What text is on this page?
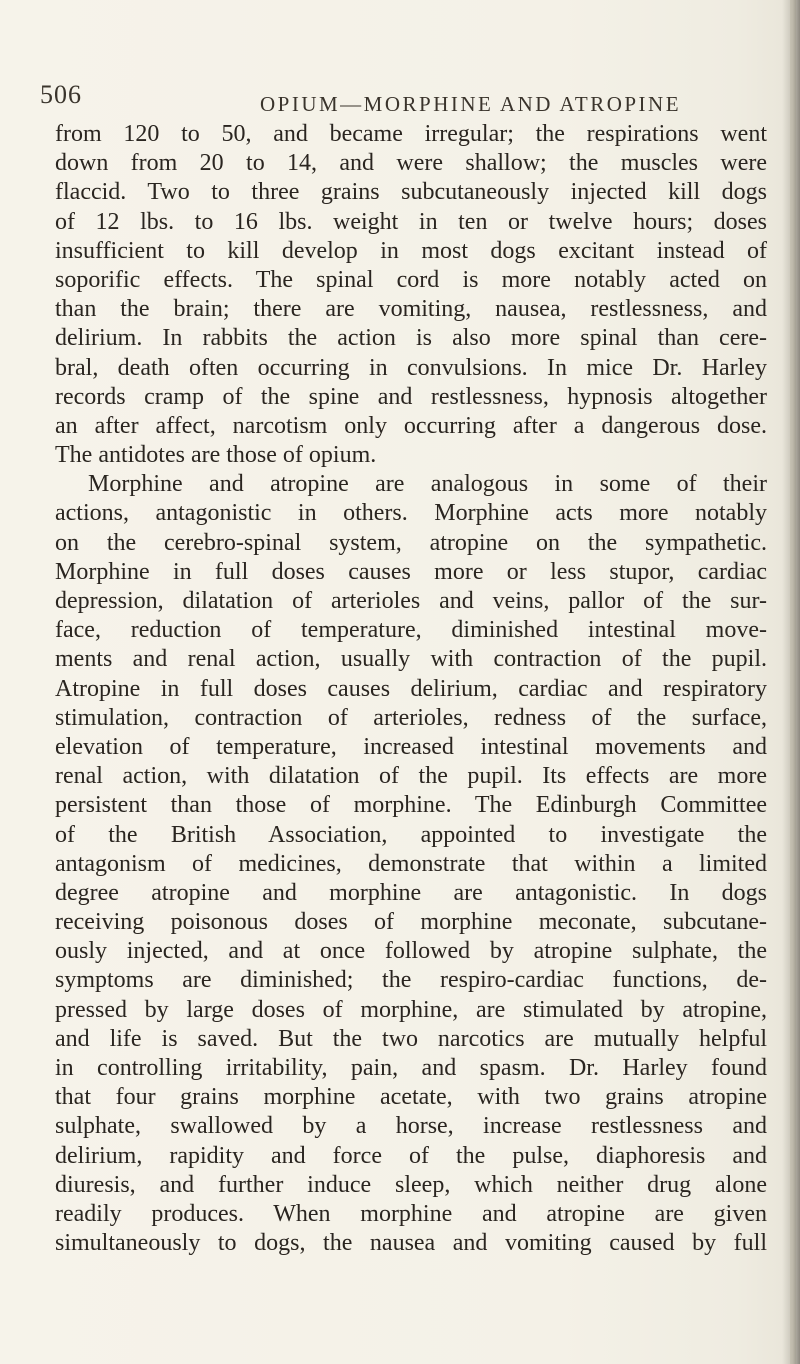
506	OPIUM—MORPHINE AND ATROPINE
from 120 to 50, and became irregular; the respirations went
down from 20 to 14, and were shallow; the muscles were
flaccid. Two to three grains subcutaneously injected kill dogs
of 12 lbs. to 16 lbs. weight in ten or twelve hours; doses
insufficient to kill develop in most dogs excitant instead of
soporific effects. The spinal cord is more notably acted on
than the brain; there are vomiting, nausea, restlessness, and
delirium. In rabbits the action is also more spinal than cere-
bral, death often occurring in convulsions. In mice Dr. Harley
records cramp of the spine and restlessness, hypnosis altogether
an after affect, narcotism only occurring after a dangerous dose.
The antidotes are those of opium.
Morphine and atropine are analogous in some of their
actions, antagonistic in others. Morphine acts more notably
on the cerebro-spinal system, atropine on the sympathetic.
Morphine in full doses causes more or less stupor, cardiac
depression, dilatation of arterioles and veins, pallor of the sur-
face, reduction of temperature, diminished intestinal move-
ments and renal action, usually with contraction of the pupil.
Atropine in full doses causes delirium, cardiac and respiratory
stimulation, contraction of arterioles, redness of the surface,
elevation of temperature, increased intestinal movements and
renal action, with dilatation of the pupil. Its effects are more
persistent than those of morphine. The Edinburgh Committee
of the British Association, appointed to investigate the
antagonism of medicines, demonstrate that within a limited
degree atropine and morphine are antagonistic. In dogs
receiving poisonous doses of morphine meconate, subcutane-
ously injected, and at once followed by atropine sulphate, the
symptoms are diminished; the respiro-cardiac functions, de-
pressed by large doses of morphine, are stimulated by atropine,
and life is saved. But the two narcotics are mutually helpful
in controlling irritability, pain, and spasm. Dr. Harley found
that four grains morphine acetate, with two grains atropine
sulphate, swallowed by a horse, increase restlessness and
delirium, rapidity and force of the pulse, diaphoresis and
diuresis, and further induce sleep, which neither drug alone
readily produces. When morphine and atropine are given
simultaneously to dogs, the nausea and vomiting caused by full
